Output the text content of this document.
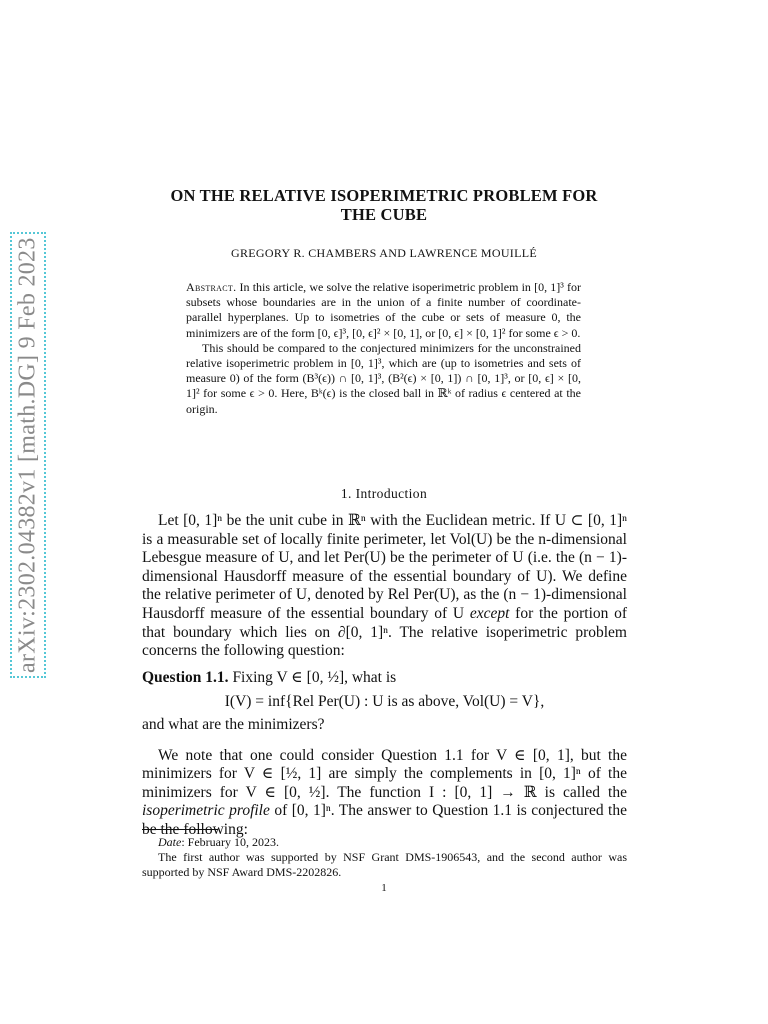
arXiv:2302.04382v1 [math.DG] 9 Feb 2023
ON THE RELATIVE ISOPERIMETRIC PROBLEM FOR
THE CUBE
GREGORY R. CHAMBERS AND LAWRENCE MOUILLÉ

Abstract. In this article, we solve the relative isoperimetric problem in [0, 1]³ for subsets whose boundaries are in the union of a finite number of coordinate-parallel hyperplanes. Up to isometries of the cube or sets of measure 0, the minimizers are of the form [0, ϵ]³, [0, ϵ]² × [0, 1], or [0, ϵ] × [0, 1]² for some ϵ > 0.

This should be compared to the conjectured minimizers for the unconstrained relative isoperimetric problem in [0, 1]³, which are (up to isometries and sets of measure 0) of the form (B³(ϵ)) ∩ [0, 1]³, (B²(ϵ) × [0, 1]) ∩ [0, 1]³, or [0, ϵ] × [0, 1]² for some ϵ > 0. Here, Bᵏ(ϵ) is the closed ball in ℝᵏ of radius ϵ centered at the origin.

1. Introduction

Let [0, 1]ⁿ be the unit cube in ℝⁿ with the Euclidean metric. If U ⊂ [0, 1]ⁿ is a measurable set of locally finite perimeter, let Vol(U) be the n-dimensional Lebesgue measure of U, and let Per(U) be the perimeter of U (i.e. the (n − 1)-dimensional Hausdorff measure of the essential boundary of U). We define the relative perimeter of U, denoted by Rel Per(U), as the (n − 1)-dimensional Hausdorff measure of the essential boundary of U except for the portion of that boundary which lies on ∂[0, 1]ⁿ. The relative isoperimetric problem concerns the following question:

Question 1.1. Fixing V ∈ [0, ½], what is

I(V) = inf{Rel Per(U) : U is as above, Vol(U) = V},

and what are the minimizers?

We note that one could consider Question 1.1 for V ∈ [0, 1], but the minimizers for V ∈ [½, 1] are simply the complements in [0, 1]ⁿ of the minimizers for V ∈ [0, ½]. The function I : [0, 1] → ℝ is called the isoperimetric profile of [0, 1]ⁿ. The answer to Question 1.1 is conjectured the be the following:

Date: February 10, 2023.

The first author was supported by NSF Grant DMS-1906543, and the second author was supported by NSF Award DMS-2202826.

1
